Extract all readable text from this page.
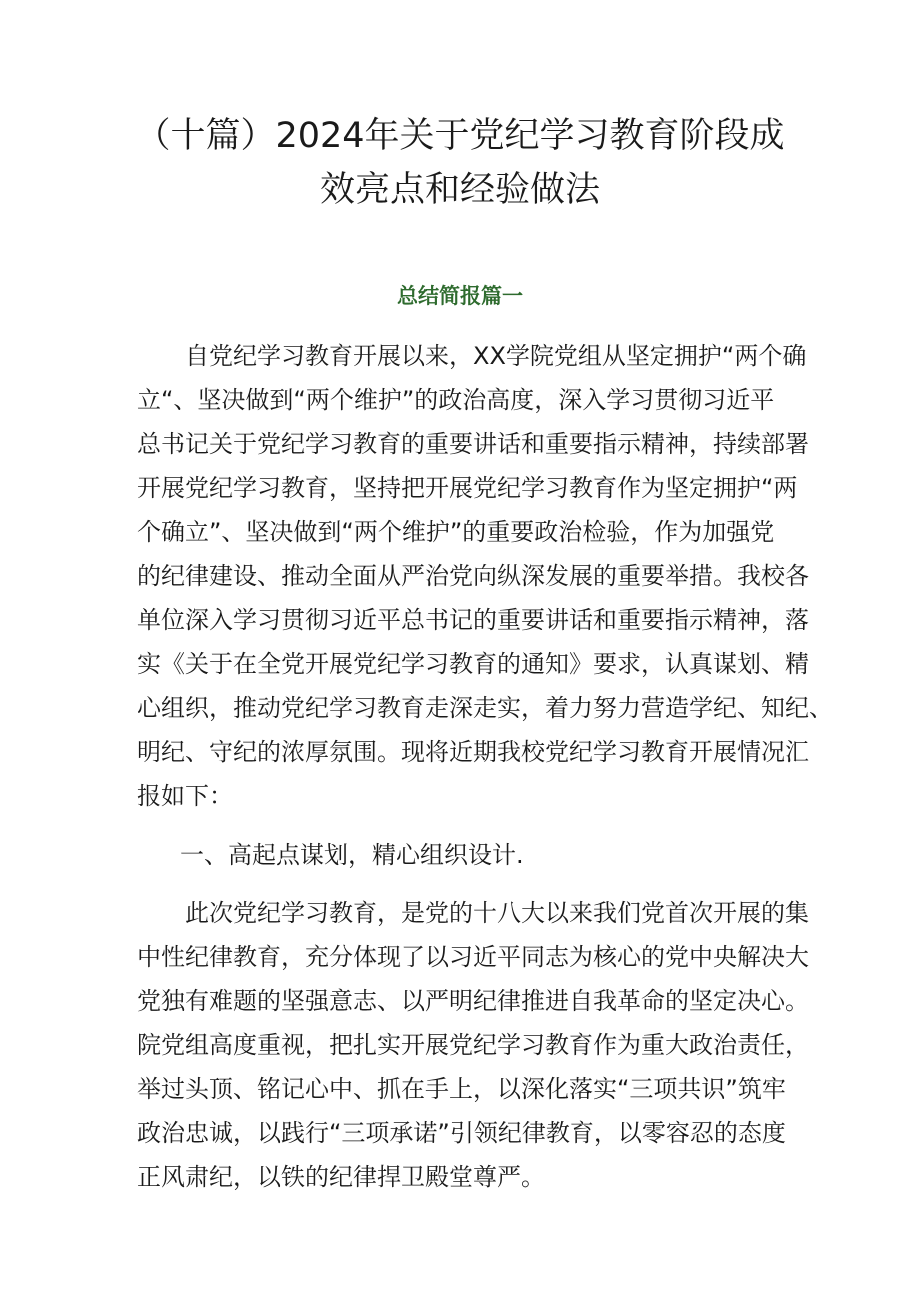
（十篇）2024年关于党纪学习教育阶段成
效亮点和经验做法
总结简报篇一
自党纪学习教育开展以来，XX学院党组从坚定拥护“两个确
立“、坚决做到“两个维护”的政治高度，深入学习贯彻习近平
总书记关于党纪学习教育的重要讲话和重要指示精神，持续部署
开展党纪学习教育，坚持把开展党纪学习教育作为坚定拥护“两
个确立”、坚决做到“两个维护”的重要政治检验，作为加强党
的纪律建设、推动全面从严治党向纵深发展的重要举措。我校各
单位深入学习贯彻习近平总书记的重要讲话和重要指示精神，落
实《关于在全党开展党纪学习教育的通知》要求，认真谋划、精
心组织，推动党纪学习教育走深走实，着力努力营造学纪、知纪、
明纪、守纪的浓厚氛围。现将近期我校党纪学习教育开展情况汇
报如下：
一、高起点谋划，精心组织设计.
此次党纪学习教育，是党的十八大以来我们党首次开展的集
中性纪律教育，充分体现了以习近平同志为核心的党中央解决大
党独有难题的坚强意志、以严明纪律推进自我革命的坚定决心。
院党组高度重视，把扎实开展党纪学习教育作为重大政治责任，
举过头顶、铭记心中、抓在手上，以深化落实“三项共识”筑牢
政治忠诚，以践行“三项承诺”引领纪律教育，以零容忍的态度
正风肃纪，以铁的纪律捍卫殿堂尊严。
